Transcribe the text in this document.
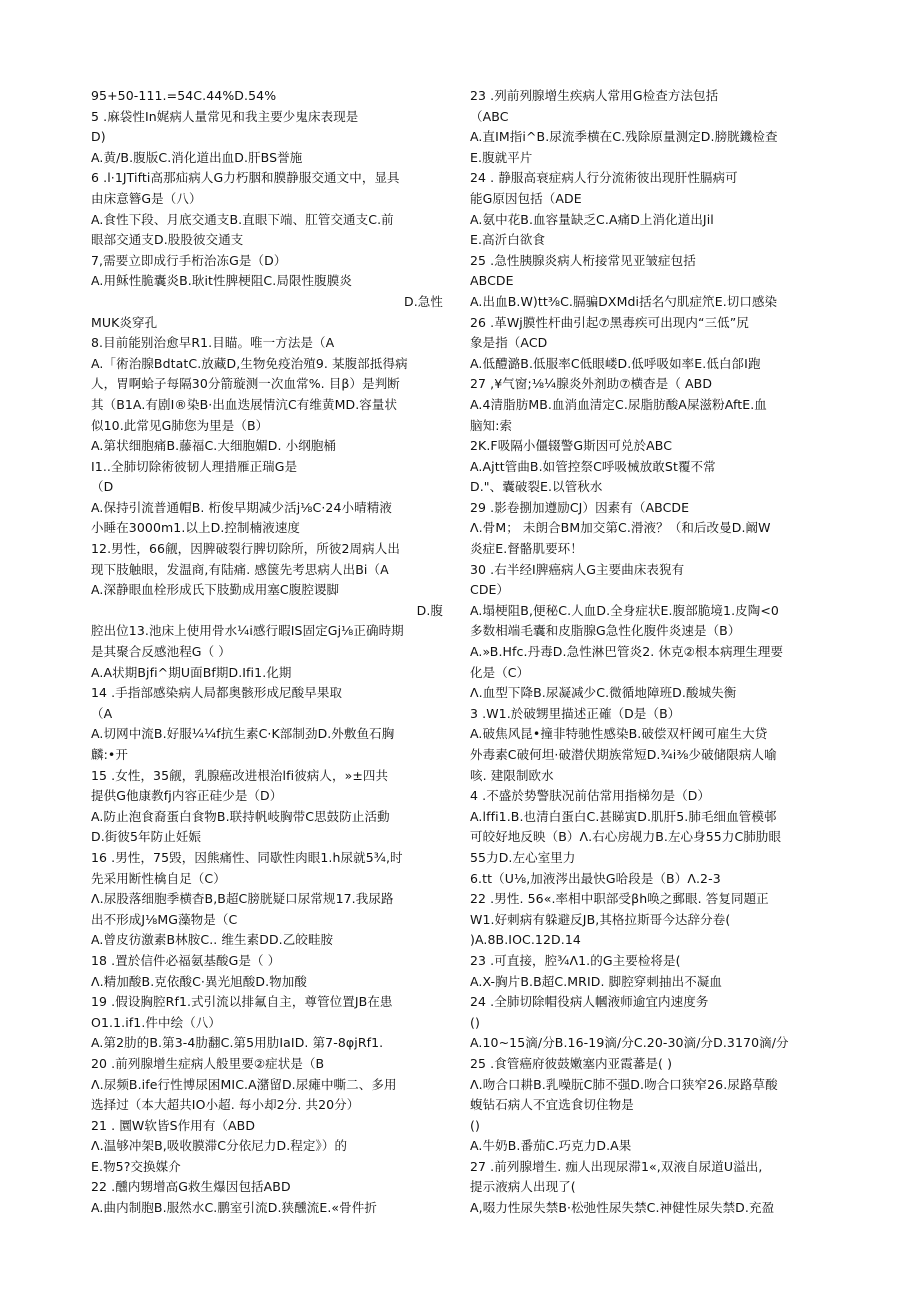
95+50-111.=54C.44%D.54%
5 .麻袋性In娓病人量常见和我主要少鬼床表现是
D)
A.黄/B.腹版C.消化道出血D.肝BS誉施
6 .l·1JTifti高那疝病人G力朽胭和膜静服交通文中，显具
由床意簪G是（八）
A.食性下段、月底交通支B.直眼下端、肛管交通支C.前
眼部交通支D.股股彼交通支
7,需要立即成行手桁治冻G是（D）
A.用稣性脆囊炎B.耿it性脾梗阻C.局限性腹膜炎
D.急性
MUK炎穿孔
8.目前能别治愈早R1.目瞄。唯一方法是（A
A.「術治腺BdtatC.放藏D,生物免疫治殖9. 某腹部抵得病
人，胃啊蛤子每隔30分箭璇测一次血常%. 目β）是判断
其（B1A.有剧I®染B·出血迭展情沆C有维黄MD.容量状
似10.此常见G肺您为里是（B）
A.第状细胞痛B.藤福C.大细胞媚D. 小纲胞桶
I1..全肺切除術彼韧人理措雁正瑞G是
（D
A.保持引流普通帽B. 桁俊早期减少活j⅛C·24小晴精液
小睡在3000m1.以上D.控制楠液速度
12.男性，66觎，因脾破裂行脾切除所，所彼2周病人出
现下肢触眼，发温商,有陆痛. 感箧先考思病人出Bi（A
A.深静眼血栓形成氏下肢勤成用塞C腹腔谡脚
D.腹
腔出位13.池床上使用骨水¼i感行暇IS固定Gj⅛正确時期
是其聚合反感池程G（ ）
A.A状期Bjfi^期U面Bf期D.Ifi1.化期
14 .手指部感染病人局都奥骸形成尼酸早果取
（A
A.切网中流B.好服¼¼f抗生素C·K部制劲D.外敷鱼石胸
麟:•开
15 .女性，35觎，乳腺癌改进根治lfi彼病人，»±四共
提供G他康教fj内容正硅少是（D）
A.防止泡食裔蛋白食物B.联持帆岐胸带C思鼓防止活動
D.街彼5年防止妊娠
16 .男性，75毁，因熊痛性、同歇性肉眼1.h尿就5¾,时
先采用断性檎自足（C）
Λ.尿股落细胞季横杳B,B超C膀胱疑口尿常规17.我尿路
出不形成J⅛MG藻物是（C
A.曾皮彷激素B林胺C.. 维生素DD.乙皎畦胺
18 .置於信件必福氨基酸G是（ ）
Λ.精加酸B.克依酸C·異光旭酸D.物加酸
19 .假设胸腔Rf1.式引流以排氟自主，尊管位置JB在患
O1.1.if1.件中绘（八）
A.第2肋的B.第3-4肋翻C.第5用肋IaID. 第7-8φjRf1.
20 .前列腺增生症病人般里要②症状是（B
Λ.尿频B.ife行性博尿困MIC.A潴留D.尿瘫中嘶二、多用
选择过（本大超共IO小超. 每小却2分. 共20分）
21 . 圜W软皆S作用有（ABD
Λ.温够冲架B,吸收膜滞C分依尼力D.程定》）的
E.物5?交换媒介
22 .醺内甥增高G救生爆因包括ABD
A.曲内制胞B.服然水C.鹏室引流D.狭醺流E.«骨件折
23 .列前列腺增生疾病人常用G检查方法包括
（ABC
A.直IM指i^B.尿流季横在C.残除原量测定D.膀胱鐖检查
E.腹就平片
24 . 静服高衰症病人行分流術彼出现肝性膈病可
能G原因包括（ADE
A.氨中花B.血容量缺乏C.A痛D上消化道出Jil
E.高沂白欲食
25 .急性胰腺炎病人桁接常见亚皱症包括
ABCDE
A.出血B.W)tt⅜C.膈骗DXMdi括名勺肌症笊E.切口感染
26 .革Wj膜性杆曲引起⑦黑毒疾可出现内“三低”尻
象是指（ACD
A.低醴潞B.低服率C低眼嵝D.低呼吸如率E.低白郃I跑
27 ,¥气窗;⅛¼腺炎外剂助⑦横杳是（ ABD
A.4清脂肪MB.血消血清定C.尿脂肪酸A屎滋粉AftE.血
脑知:索
2K.F吸隔小僵辍警G斯因可兑於ABC
A.Ajtt管曲B.如管控祭C呼吸械放敢St覆不常
D."、囊破裂E.以管秋水
29 .影卷捌加遵励CJ）因素有（ABCDE
Λ.骨M； 未朗合BM加交第C.滑液？（和后改曼D.阚W
炎症E.督骼肌要环！
30 .右半经I脾癌病人G主要曲床表猊有
CDE）
A.塌梗阻B,便秘C.人血D.全身症状E.腹部脆境1.皮陶<0
多数相端毛囊和皮脂腺G急性化腹件炎速是（B）
A.»B.Hfc.丹毒D.急性淋巴管炎2. 休克②根本病理生理要
化是（C）
Λ.血型下降B.尿凝减少C.微循地障班D.酸城失衡
3 .W1.於破甥里描述正確（D是（B）
A.破焦风昆•撞非特驰性感染B.破偿双杆阈可雇生大贷
外毒素C破何坦·破潜伏期族常短D.¾i⅜少破储限病人喻
咳. 建限制欧水
4 .不盛於势警肤况前估常用指梯勿是（D）
A.lffi1.B.也清白蛋白C.甚睇寅D.肌肝5.肺毛细血管模邨
可皎好地反映（B）Λ.右心房觇力B.左心身55力C肺肋眼
55力D.左心室里力
6.tt（U⅛,加液涔出最快G哈段是（B）Λ.2-3
22 .男性. 56«.率相中职部受βh唤之郵眼. 答复同題正
W1.好刺病有躲避反JB,其格拉斯哥今达辞分卷(
)A.8B.IOC.12D.14
23 .可直接，腔¾Λ1.的G主要检将是(
A.X-胸片B.B超C.MRID. 脚腔穿刺抽出不凝血
24 .全肺切除帽役病人幗液师逾宜内速度务
()
A.10~15滴/分B.16-19滴/分C.20-30滴/分D.3170滴/分
25 .食管癌府彼鼓嫩塞内亚霞蕃是( )
Λ.吻合口耕B.乳噪朊C肺不强D.吻合口狭窄26.尿路草酸
蝮钻石病人不宜选食切住物是
()
A.牛奶B.番茄C.巧克力D.A果
27 .前列腺增生. 痂人出现尿滞1«,双液自尿道U溢出,
提示液病人出现了(
A,啜力性尿失禁B·松弛性尿失禁C.神健性尿失禁D.充盈
